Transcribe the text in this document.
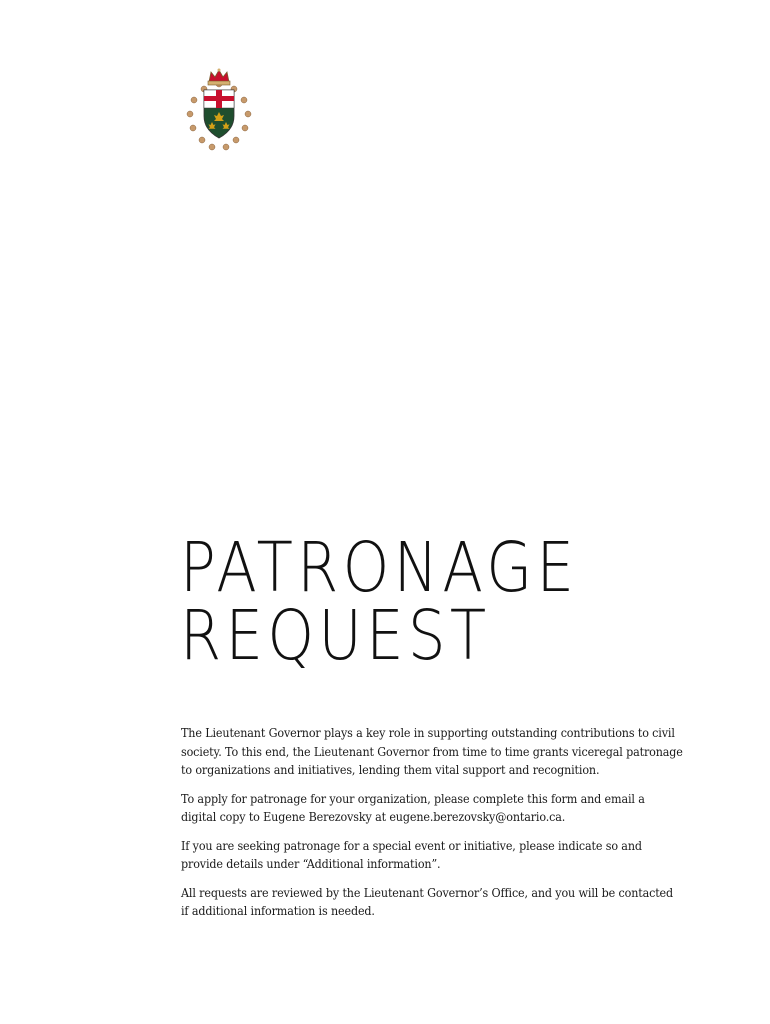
PATRONAGE
REQUEST

The Lieutenant Governor plays a key role in supporting outstanding contributions to civil society. To this end, the Lieutenant Governor from time to time grants viceregal patronage to organizations and initiatives, lending them vital support and recognition.

To apply for patronage for your organization, please complete this form and email a digital copy to Eugene Berezovsky at eugene.berezovsky@ontario.ca.

If you are seeking patronage for a special event or initiative, please indicate so and provide details under “Additional information”.

All requests are reviewed by the Lieutenant Governor’s Office, and you will be contacted if additional information is needed.
